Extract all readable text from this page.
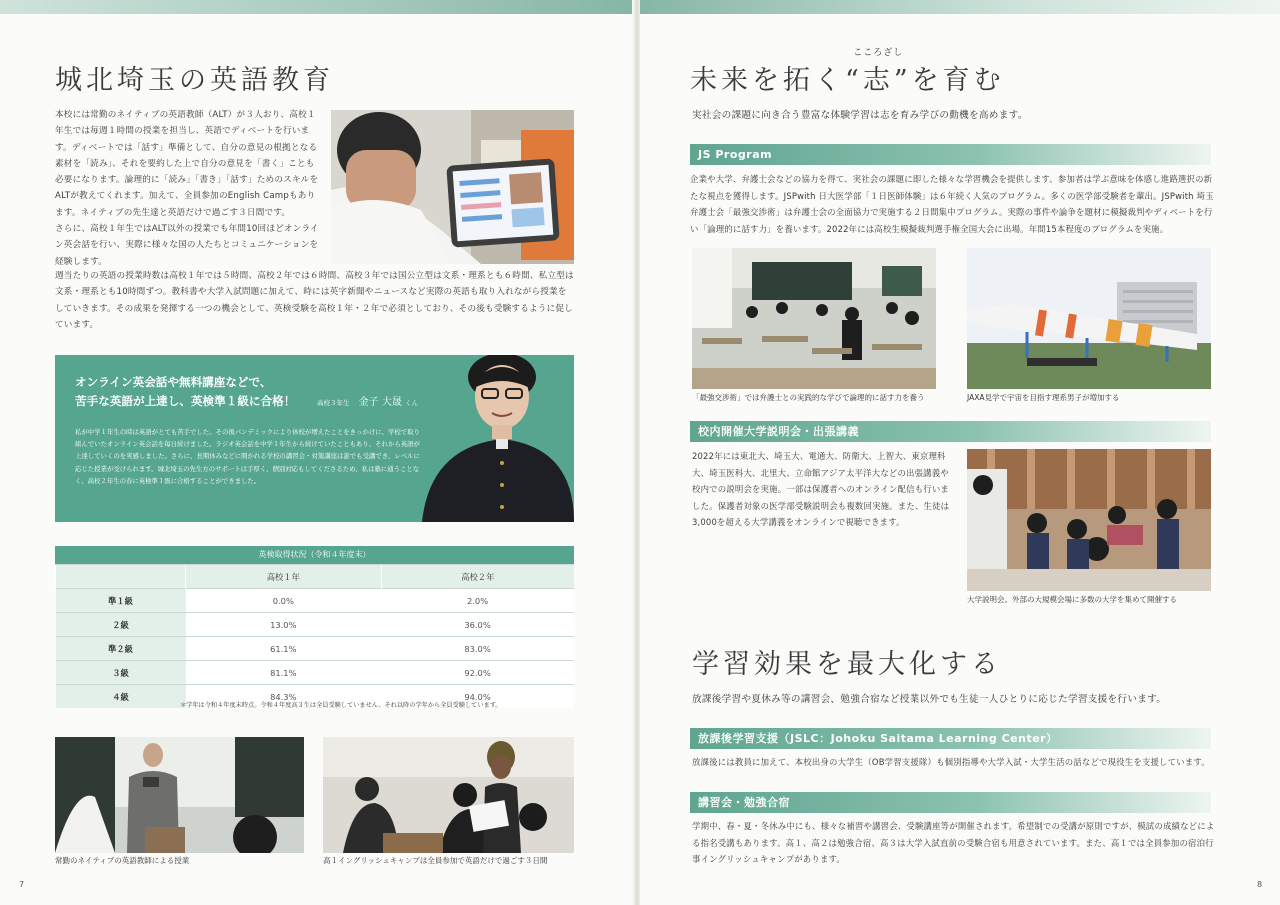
城北埼玉の英語教育

本校には常勤のネイティブの英語教師（ALT）が３人おり、高校１年生では毎週１時間の授業を担当し、英語でディベートを行います。ディベートでは「話す」準備として、自分の意見の根拠となる素材を「読み」、それを要約した上で自分の意見を「書く」ことも必要になります。論理的に「読み」「書き」「話す」ためのスキルをALTが教えてくれます。加えて、全員参加のEnglish Campもあります。ネイティブの先生達と英語だけで過ごす３日間です。

さらに、高校１年生ではALT以外の授業でも年間10回ほどオンライン英会話を行い、実際に様々な国の人たちとコミュニケーションを経験します。

週当たりの英語の授業時数は高校１年では５時間、高校２年では６時間、高校３年では国公立型は文系・理系とも６時間、私立型は文系・理系とも10時間ずつ。教科書や大学入試問題に加えて、時には英字新聞やニュースなど実際の英語も取り入れながら授業をしていきます。その成果を発揮する一つの機会として、英検受験を高校１年・２年で必須としており、その後も受験するように促しています。

オンライン英会話や無料講座などで、
苦手な英語が上達し、英検準１級に合格！	高校３年生 金子 大晟 くん
私が中学１年生の時は英語がとても苦手でした。その後パンデミックにより休校が増えたことをきっかけに、学校で取り組んでいたオンライン英会話を毎日続けました。ラジオ英会話を中学１年生から続けていたこともあり、それから英語が上達していくのを実感しました。さらに、長期休みなどに開かれる学校の講習会・対策講座は誰でも受講でき、レベルに応じた授業が受けられます。城北埼玉の先生方のサポートは手厚く、個別対応もしてくださるため、私は塾に通うことなく、高校２年生の春に英検準１級に合格することができました。
英検取得状況（令和４年度末）
	高校１年	高校２年
準１級	0.0%	2.0%
２級	13.0%	36.0%
準２級	61.1%	83.0%
３級	81.1%	92.0%
４級	84.3%	94.0%
＊学年は令和４年度末時点。令和４年度高３生は全員受験していません。それ以降の学年から全員受験しています。
常勤のネイティブの英語教師による授業	高１イングリッシュキャンプは全員参加で英語だけで過ごす３日間
7
未来を拓く“
こころざし
志”を育む
実社会の課題に向き合う豊富な体験学習は志を育み学びの動機を高めます。
JS Program
企業や大学、弁護士会などの協力を得て、実社会の課題に即した様々な学習機会を提供します。参加者は学ぶ意味を体感し進路選択の新たな視点を獲得します。JSPwith 日大医学部「１日医師体験」は６年続く人気のプログラム。多くの医学部受験者を輩出。JSPwith 埼玉弁護士会「最強交渉術」は弁護士会の全面協力で実施する２日間集中プログラム。実際の事件や論争を題材に模擬裁判やディベートを行い「論理的に話す力」を養います。2022年には高校生模擬裁判選手権全国大会に出場。年間15本程度のプログラムを実施。
「最強交渉術」では弁護士との実践的な学びで論理的に話す力を養う	JAXA見学で宇宙を目指す理系男子が増加する
校内開催大学説明会・出張講義
2022年には東北大、埼玉大、電通大、防衛大、上智大、東京理科大、埼玉医科大、北里大、立命館アジア太平洋大などの出張講義や校内での説明会を実施。一部は保護者へのオンライン配信も行いました。保護者対象の医学部受験説明会も複数回実施。また、生徒は3,000を超える大学講義をオンラインで視聴できます。
大学説明会。外部の大規模会場に多数の大学を集めて開催する
学習効果を最大化する
放課後学習や夏休み等の講習会、勉強合宿など授業以外でも生徒一人ひとりに応じた学習支援を行います。
放課後学習支援（JSLC：Johoku Saitama Learning Center）
放課後には教員に加えて、本校出身の大学生（OB学習支援隊）も個別指導や大学入試・大学生活の話などで現役生を支援しています。
講習会・勉強合宿
学期中、春・夏・冬休み中にも、様々な補習や講習会、受験講座等が開催されます。希望制での受講が原則ですが、模試の成績などによる指名受講もあります。高１、高２は勉強合宿、高３は大学入試直前の受験合宿も用意されています。また、高１では全員参加の宿泊行事イングリッシュキャンプがあります。
8
